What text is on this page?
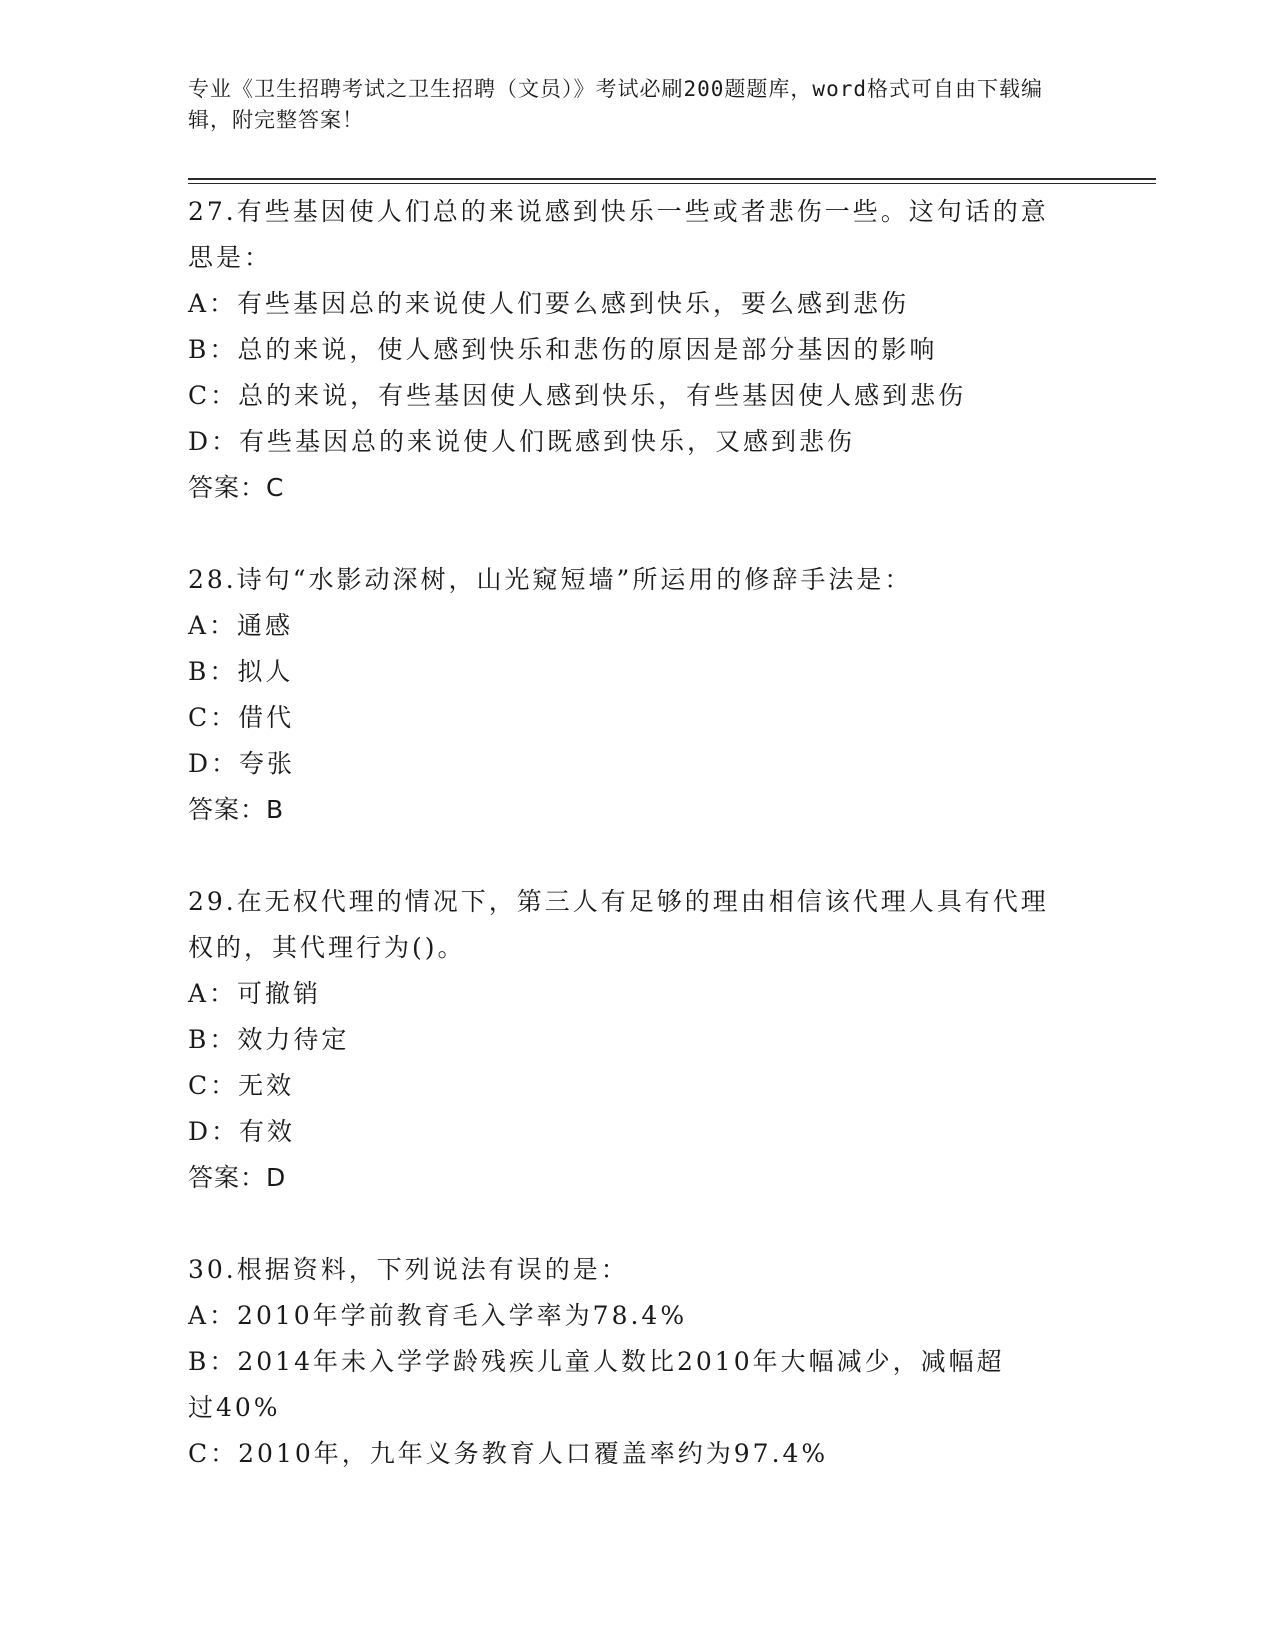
专业《卫生招聘考试之卫生招聘（文员）》考试必刷200题题库，word格式可自由下载编辑，附完整答案！
27.有些基因使人们总的来说感到快乐一些或者悲伤一些。这句话的意思是：
A：有些基因总的来说使人们要么感到快乐，要么感到悲伤
B：总的来说，使人感到快乐和悲伤的原因是部分基因的影响
C：总的来说，有些基因使人感到快乐，有些基因使人感到悲伤
D：有些基因总的来说使人们既感到快乐，又感到悲伤
答案：C
28.诗句“水影动深树，山光窥短墙”所运用的修辞手法是：
A：通感
B：拟人
C：借代
D：夸张
答案：B
29.在无权代理的情况下，第三人有足够的理由相信该代理人具有代理权的，其代理行为()。
A：可撤销
B：效力待定
C：无效
D：有效
答案：D
30.根据资料，下列说法有误的是：
A：2010年学前教育毛入学率为78.4%
B：2014年未入学学龄残疾儿童人数比2010年大幅减少，减幅超过40%
C：2010年，九年义务教育人口覆盖率约为97.4%
